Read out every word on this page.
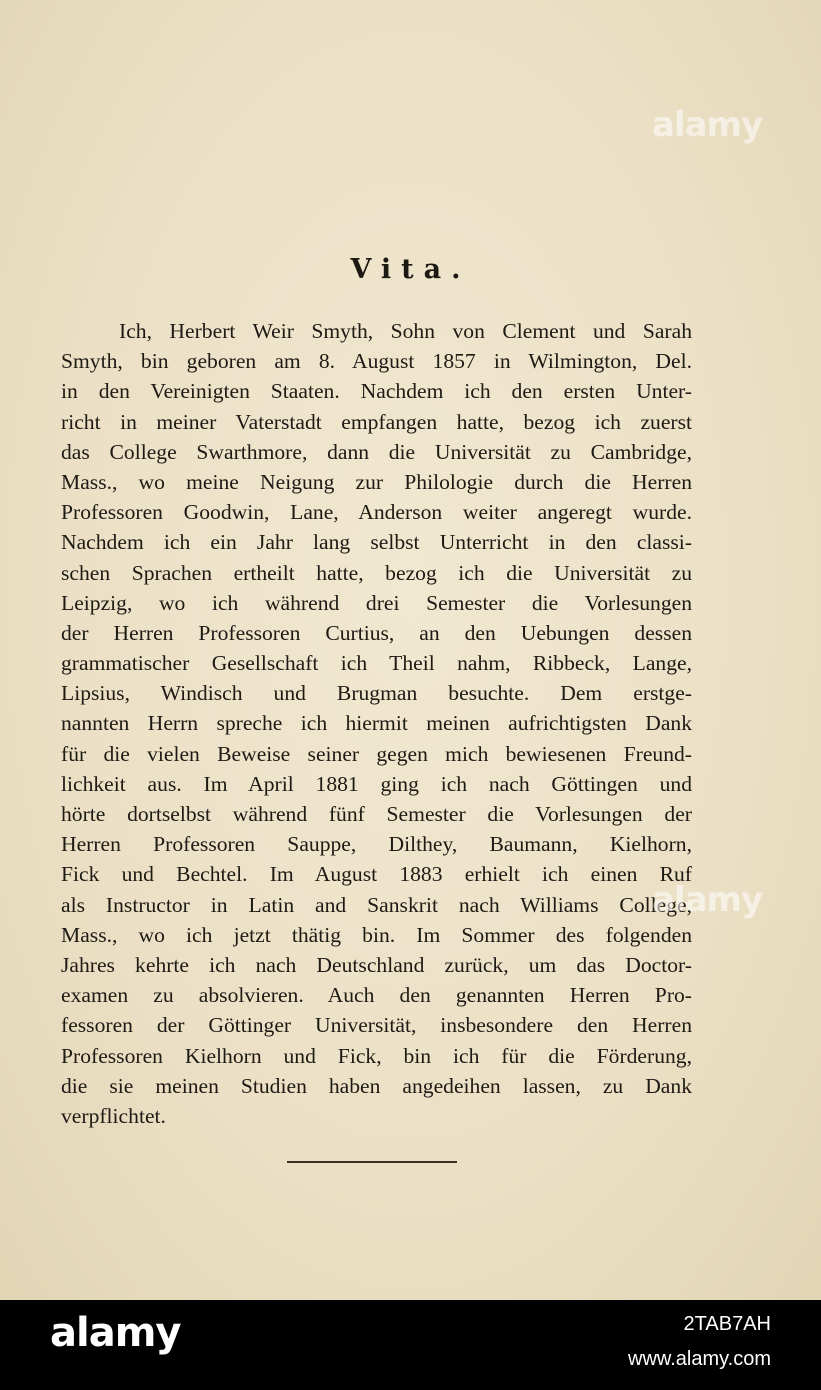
Vita.
Ich, Herbert Weir Smyth, Sohn von Clement und Sarah
Smyth, bin geboren am 8. August 1857 in Wilmington, Del.
in den Vereinigten Staaten. Nachdem ich den ersten Unter-
richt in meiner Vaterstadt empfangen hatte, bezog ich zuerst
das College Swarthmore, dann die Universität zu Cambridge,
Mass., wo meine Neigung zur Philologie durch die Herren
Professoren Goodwin, Lane, Anderson weiter angeregt wurde.
Nachdem ich ein Jahr lang selbst Unterricht in den classi-
schen Sprachen ertheilt hatte, bezog ich die Universität zu
Leipzig, wo ich während drei Semester die Vorlesungen
der Herren Professoren Curtius, an den Uebungen dessen
grammatischer Gesellschaft ich Theil nahm, Ribbeck, Lange,
Lipsius, Windisch und Brugman besuchte. Dem erstge-
nannten Herrn spreche ich hiermit meinen aufrichtigsten Dank
für die vielen Beweise seiner gegen mich bewiesenen Freund-
lichkeit aus. Im April 1881 ging ich nach Göttingen und
hörte dortselbst während fünf Semester die Vorlesungen der
Herren Professoren Sauppe, Dilthey, Baumann, Kielhorn,
Fick und Bechtel. Im August 1883 erhielt ich einen Ruf
als Instructor in Latin and Sanskrit nach Williams College,
Mass., wo ich jetzt thätig bin. Im Sommer des folgenden
Jahres kehrte ich nach Deutschland zurück, um das Doctor-
examen zu absolvieren. Auch den genannten Herren Pro-
fessoren der Göttinger Universität, insbesondere den Herren
Professoren Kielhorn und Fick, bin ich für die Förderung,
die sie meinen Studien haben angedeihen lassen, zu Dank
verpflichtet.
alamy
alamy
alamy	2TAB7AH
www.alamy.com
